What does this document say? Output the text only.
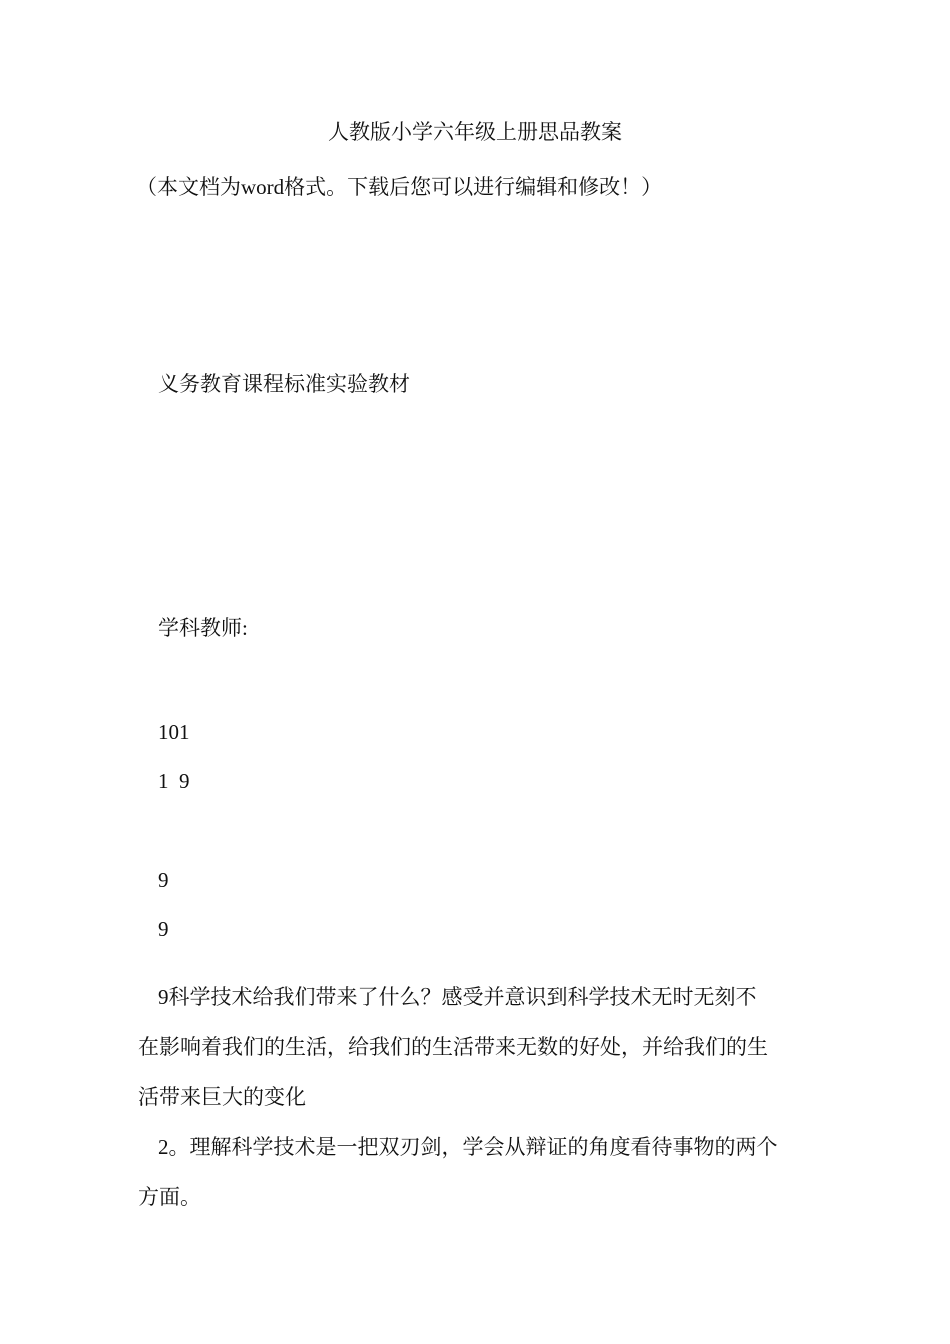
人教版小学六年级上册思品教案
（本文档为word格式。下载后您可以进行编辑和修改！）
义务教育课程标准实验教材
学科教师:
101
1  9
9
9
9科学技术给我们带来了什么？感受并意识到科学技术无时无刻不
在影响着我们的生活，给我们的生活带来无数的好处，并给我们的生
活带来巨大的变化
2。理解科学技术是一把双刃剑，学会从辩证的角度看待事物的两个
方面。
